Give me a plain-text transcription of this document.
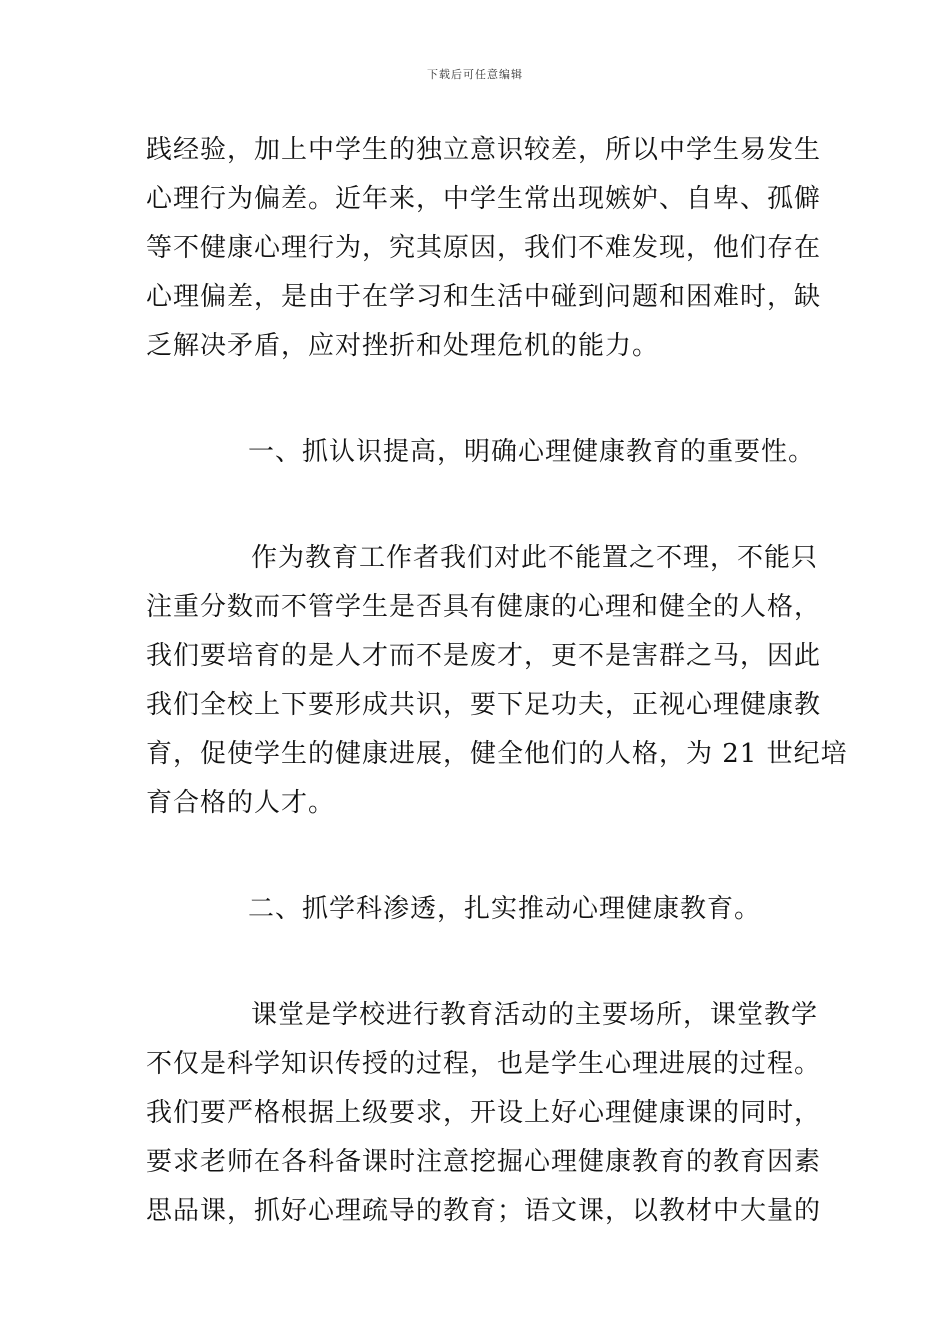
下载后可任意编辑

践经验，加上中学生的独立意识较差，所以中学生易发生
心理行为偏差。近年来，中学生常出现嫉妒、自卑、孤僻
等不健康心理行为，究其原因，我们不难发现，他们存在
心理偏差，是由于在学习和生活中碰到问题和困难时，缺
乏解决矛盾，应对挫折和处理危机的能力。

一、抓认识提高，明确心理健康教育的重要性。

作为教育工作者我们对此不能置之不理，不能只
注重分数而不管学生是否具有健康的心理和健全的人格，
我们要培育的是人才而不是废才，更不是害群之马，因此
我们全校上下要形成共识，要下足功夫，正视心理健康教
育，促使学生的健康进展，健全他们的人格，为 21 世纪培
育合格的人才。

二、抓学科渗透，扎实推动心理健康教育。

课堂是学校进行教育活动的主要场所，课堂教学
不仅是科学知识传授的过程，也是学生心理进展的过程。
我们要严格根据上级要求，开设上好心理健康课的同时，
要求老师在各科备课时注意挖掘心理健康教育的教育因素
思品课，抓好心理疏导的教育；语文课，以教材中大量的
